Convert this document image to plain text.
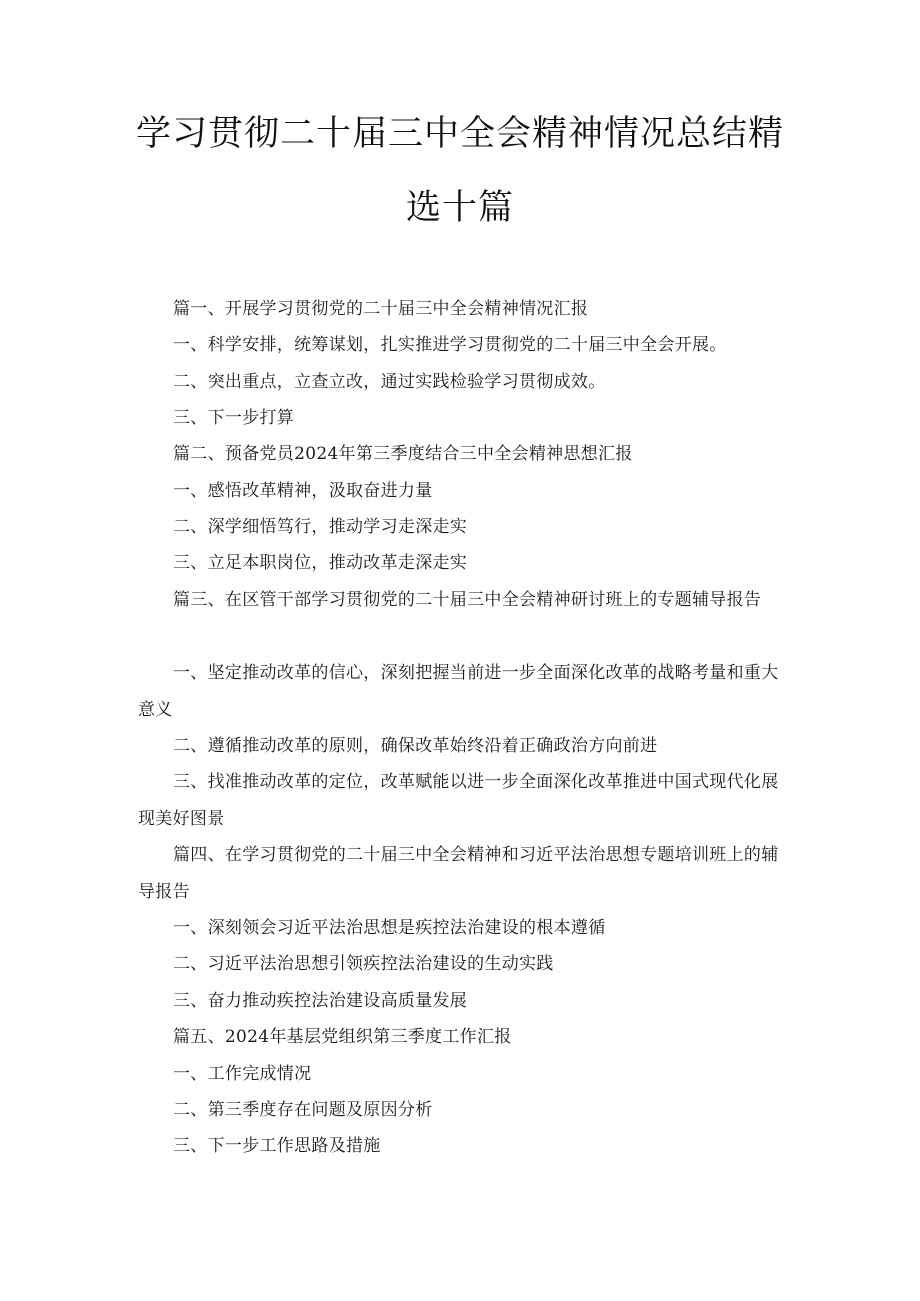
学习贯彻二十届三中全会精神情况总结精
选十篇

篇一、开展学习贯彻党的二十届三中全会精神情况汇报

一、科学安排，统筹谋划，扎实推进学习贯彻党的二十届三中全会开展。

二、突出重点，立查立改，通过实践检验学习贯彻成效。

三、下一步打算

篇二、预备党员2024年第三季度结合三中全会精神思想汇报

一、感悟改革精神，汲取奋进力量

二、深学细悟笃行，推动学习走深走实

三、立足本职岗位，推动改革走深走实

篇三、在区管干部学习贯彻党的二十届三中全会精神研讨班上的专题辅导报告

一、坚定推动改革的信心，深刻把握当前进一步全面深化改革的战略考量和重大意义

二、遵循推动改革的原则，确保改革始终沿着正确政治方向前进

三、找准推动改革的定位，改革赋能以进一步全面深化改革推进中国式现代化展现美好图景

篇四、在学习贯彻党的二十届三中全会精神和习近平法治思想专题培训班上的辅导报告

一、深刻领会习近平法治思想是疾控法治建设的根本遵循

二、习近平法治思想引领疾控法治建设的生动实践

三、奋力推动疾控法治建设高质量发展

篇五、2024年基层党组织第三季度工作汇报

一、工作完成情况

二、第三季度存在问题及原因分析

三、下一步工作思路及措施
